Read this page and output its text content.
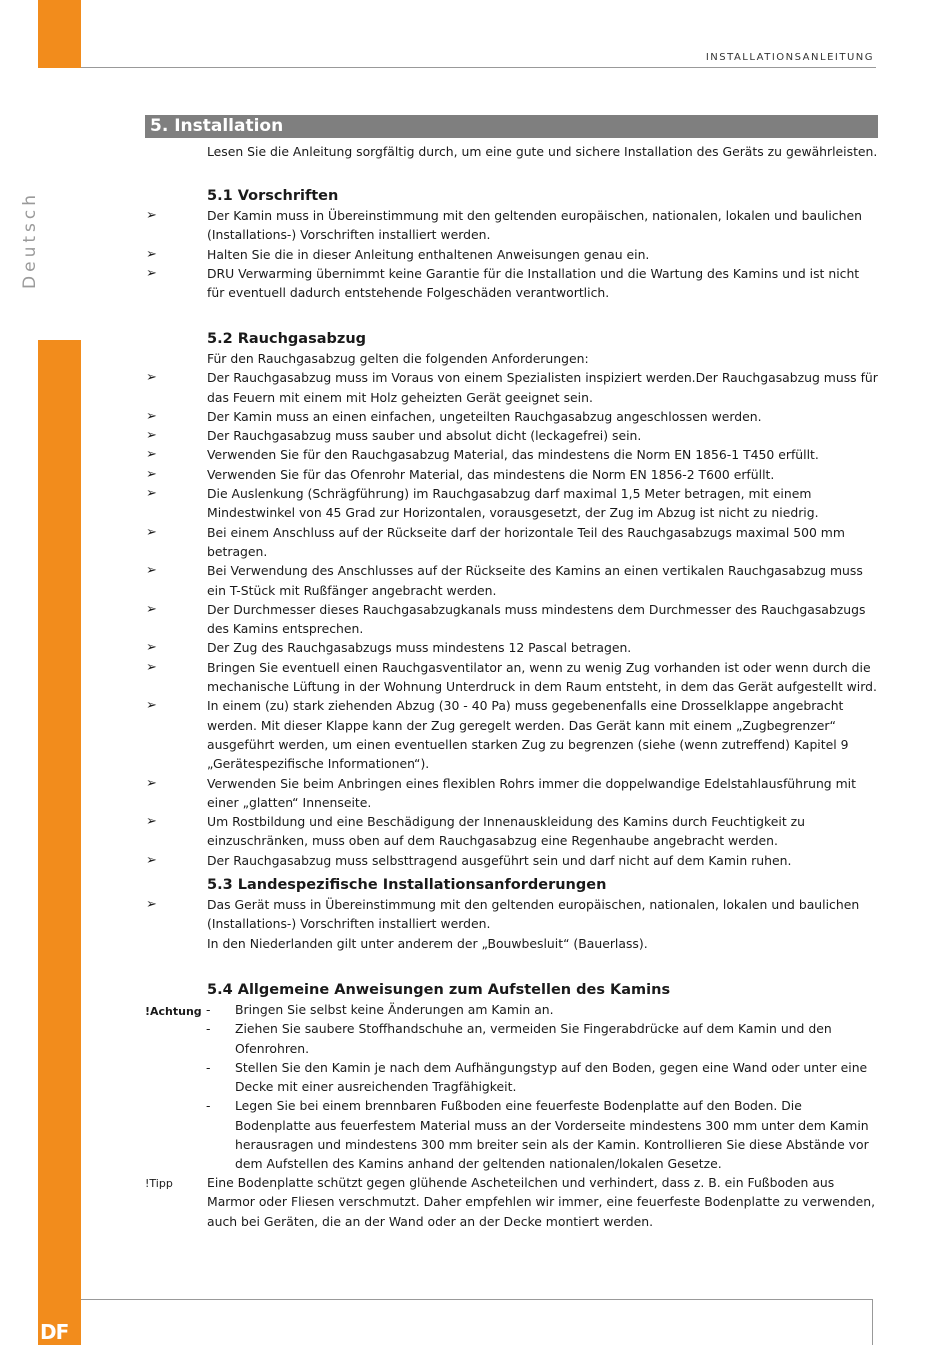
Deutsch
INSTALLATIONSANLEITUNG
DF
5. Installation

Lesen Sie die Anleitung sorgfältig durch, um eine gute und sichere Installation des Geräts zu gewährleisten.

5.1 Vorschriften
➢	Der Kamin muss in Übereinstimmung mit den geltenden europäischen, nationalen, lokalen und baulichen (Installations-) Vorschriften installiert werden.
➢	Halten Sie die in dieser Anleitung enthaltenen Anweisungen genau ein.
➢	DRU Verwarming übernimmt keine Garantie für die Installation und die Wartung des Kamins und ist nicht für eventuell dadurch entstehende Folgeschäden verantwortlich.
5.2 Rauchgasabzug

Für den Rauchgasabzug gelten die folgenden Anforderungen:

➢	Der Rauchgasabzug muss im Voraus von einem Spezialisten inspiziert werden.Der Rauchgasabzug muss für das Feuern mit einem mit Holz geheizten Gerät geeignet sein.
➢	Der Kamin muss an einen einfachen, ungeteilten Rauchgasabzug angeschlossen werden.
➢	Der Rauchgasabzug muss sauber und absolut dicht (leckagefrei) sein.
➢	Verwenden Sie für den Rauchgasabzug Material, das mindestens die Norm EN 1856-1 T450 erfüllt.
➢	Verwenden Sie für das Ofenrohr Material, das mindestens die Norm EN 1856-2 T600 erfüllt.
➢	Die Auslenkung (Schrägführung) im Rauchgasabzug darf maximal 1,5 Meter betragen, mit einem Mindestwinkel von 45 Grad zur Horizontalen, vorausgesetzt, der Zug im Abzug ist nicht zu niedrig.
➢	Bei einem Anschluss auf der Rückseite darf der horizontale Teil des Rauchgasabzugs maximal 500 mm betragen.
➢	Bei Verwendung des Anschlusses auf der Rückseite des Kamins an einen vertikalen Rauchgasabzug muss ein T-Stück mit Rußfänger angebracht werden.
➢	Der Durchmesser dieses Rauchgasabzugkanals muss mindestens dem Durchmesser des Rauchgasabzugs des Kamins entsprechen.
➢	Der Zug des Rauchgasabzugs muss mindestens 12 Pascal betragen.
➢	Bringen Sie eventuell einen Rauchgasventilator an, wenn zu wenig Zug vorhanden ist oder wenn durch die mechanische Lüftung in der Wohnung Unterdruck in dem Raum entsteht, in dem das Gerät aufgestellt wird.
➢	In einem (zu) stark ziehenden Abzug (30 - 40 Pa) muss gegebenenfalls eine Drosselklappe angebracht werden. Mit dieser Klappe kann der Zug geregelt werden. Das Gerät kann mit einem „Zugbegrenzer“ ausgeführt werden, um einen eventuellen starken Zug zu begrenzen (siehe (wenn zutreffend) Kapitel 9 „Gerätespezifische Informationen“).
➢	Verwenden Sie beim Anbringen eines flexiblen Rohrs immer die doppelwandige Edelstahlausführung mit einer „glatten“ Innenseite.
➢	Um Rostbildung und eine Beschädigung der Innenauskleidung des Kamins durch Feuchtigkeit zu einzuschränken, muss oben auf dem Rauchgasabzug eine Regenhaube angebracht werden.
➢	Der Rauchgasabzug muss selbsttragend ausgeführt sein und darf nicht auf dem Kamin ruhen.
5.3 Landespezifische Installationsanforderungen
➢	Das Gerät muss in Übereinstimmung mit den geltenden europäischen, nationalen, lokalen und baulichen (Installations-) Vorschriften installiert werden.

In den Niederlanden gilt unter anderem der „Bouwbesluit“ (Bauerlass).

!Achtung
5.4 Allgemeine Anweisungen zum Aufstellen des Kamins
- Bringen Sie selbst keine Änderungen am Kamin an.
- Ziehen Sie saubere Stoffhandschuhe an, vermeiden Sie Fingerabdrücke auf dem Kamin und den Ofenrohren.
- Stellen Sie den Kamin je nach dem Aufhängungstyp auf den Boden, gegen eine Wand oder unter eine Decke mit einer ausreichenden Tragfähigkeit.
- Legen Sie bei einem brennbaren Fußboden eine feuerfeste Bodenplatte auf den Boden. Die Bodenplatte aus feuerfestem Material muss an der Vorderseite mindestens 300 mm unter dem Kamin herausragen und mindestens 300 mm breiter sein als der Kamin. Kontrollieren Sie diese Abstände vor dem Aufstellen des Kamins anhand der geltenden nationalen/lokalen Gesetze.
!Tipp	Eine Bodenplatte schützt gegen glühende Ascheteilchen und verhindert, dass z. B. ein Fußboden aus Marmor oder Fliesen verschmutzt. Daher empfehlen wir immer, eine feuerfeste Bodenplatte zu verwenden, auch bei Geräten, die an der Wand oder an der Decke montiert werden.
